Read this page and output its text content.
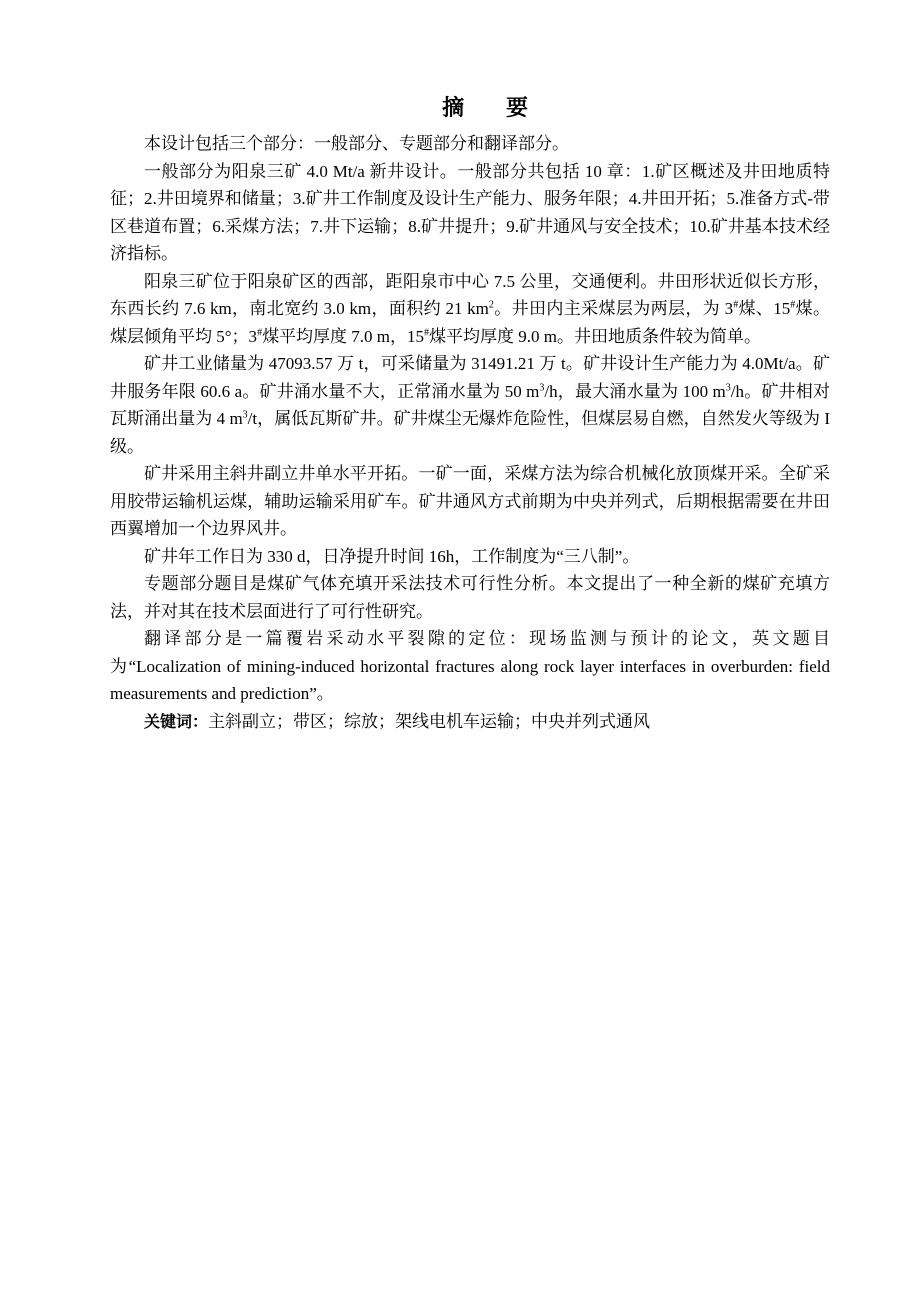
摘　要

本设计包括三个部分：一般部分、专题部分和翻译部分。

一般部分为阳泉三矿 4.0 Mt/a 新井设计。一般部分共包括 10 章：1.矿区概述及井田地质特征；2.井田境界和储量；3.矿井工作制度及设计生产能力、服务年限；4.井田开拓；5.准备方式-带区巷道布置；6.采煤方法；7.井下运输；8.矿井提升；9.矿井通风与安全技术；10.矿井基本技术经济指标。

阳泉三矿位于阳泉矿区的西部，距阳泉市中心 7.5 公里，交通便利。井田形状近似长方形，东西长约 7.6 km，南北宽约 3.0 km，面积约 21 $km^2$。井田内主采煤层为两层，为 3#煤、15#煤。煤层倾角平均 5°；3#煤平均厚度 7.0 m，15#煤平均厚度 9.0 m。井田地质条件较为简单。

矿井工业储量为 47093.57 万 t，可采储量为 31491.21 万 t。矿井设计生产能力为 4.0Mt/a。矿井服务年限 60.6 a。矿井涌水量不大，正常涌水量为 50 $m^3/h$，最大涌水量为 100 $m^3/h$。矿井相对瓦斯涌出量为 4 $m^3/t$，属低瓦斯矿井。矿井煤尘无爆炸危险性，但煤层易自燃，自然发火等级为 I 级。

矿井采用主斜井副立井单水平开拓。一矿一面，采煤方法为综合机械化放顶煤开采。全矿采用胶带运输机运煤，辅助运输采用矿车。矿井通风方式前期为中央并列式，后期根据需要在井田西翼增加一个边界风井。

矿井年工作日为 330 d，日净提升时间 16h，工作制度为“三八制”。

专题部分题目是煤矿气体充填开采法技术可行性分析。本文提出了一种全新的煤矿充填方法，并对其在技术层面进行了可行性研究。

翻译部分是一篇覆岩采动水平裂隙的定位：现场监测与预计的论文，英文题目为“Localization of mining-induced horizontal fractures along rock layer interfaces in overburden: field measurements and prediction”。

关键词：主斜副立；带区；综放；架线电机车运输；中央并列式通风
